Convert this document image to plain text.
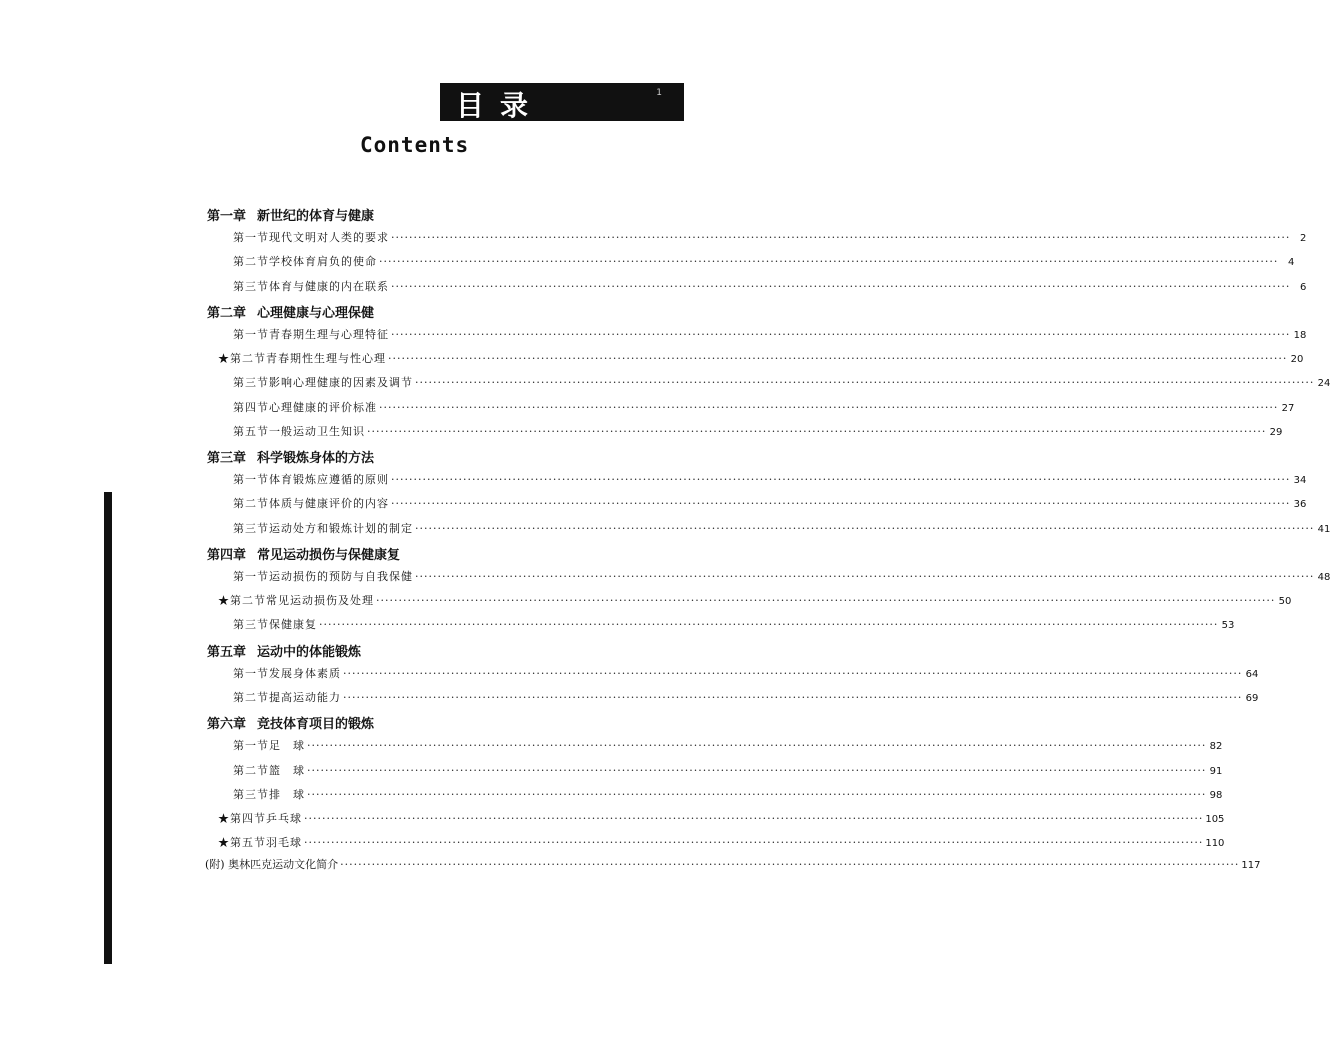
目录	1
Contents
第一章 新世纪的体育与健康
第一节 现代文明对人类的要求 ········································································································································································································ 2
第二节 学校体育肩负的使命 ········································································································································································································ 4
第三节 体育与健康的内在联系 ········································································································································································································ 6
第二章 心理健康与心理保健
第一节 青春期生理与心理特征 ········································································································································································································ 18
★第二节 青春期性生理与性心理 ········································································································································································································ 20
第三节 影响心理健康的因素及调节 ········································································································································································································ 24
第四节 心理健康的评价标准 ········································································································································································································ 27
第五节 一般运动卫生知识 ········································································································································································································ 29
第三章 科学锻炼身体的方法
第一节 体育锻炼应遵循的原则 ········································································································································································································ 34
第二节 体质与健康评价的内容 ········································································································································································································ 36
第三节 运动处方和锻炼计划的制定 ········································································································································································································ 41
第四章 常见运动损伤与保健康复
第一节 运动损伤的预防与自我保健 ········································································································································································································ 48
★第二节 常见运动损伤及处理 ········································································································································································································ 50
第三节 保健康复 ········································································································································································································ 53
第五章 运动中的体能锻炼
第一节 发展身体素质 ········································································································································································································ 64
第二节 提高运动能力 ········································································································································································································ 69
第六章 竞技体育项目的锻炼
第一节 足　球 ········································································································································································································ 82
第二节 篮　球 ········································································································································································································ 91
第三节 排　球 ········································································································································································································ 98
★第四节 乒乓球 ········································································································································································································ 105
★第五节 羽毛球 ········································································································································································································ 110
(附) 奥林匹克运动文化简介 ········································································································································································································ 117
